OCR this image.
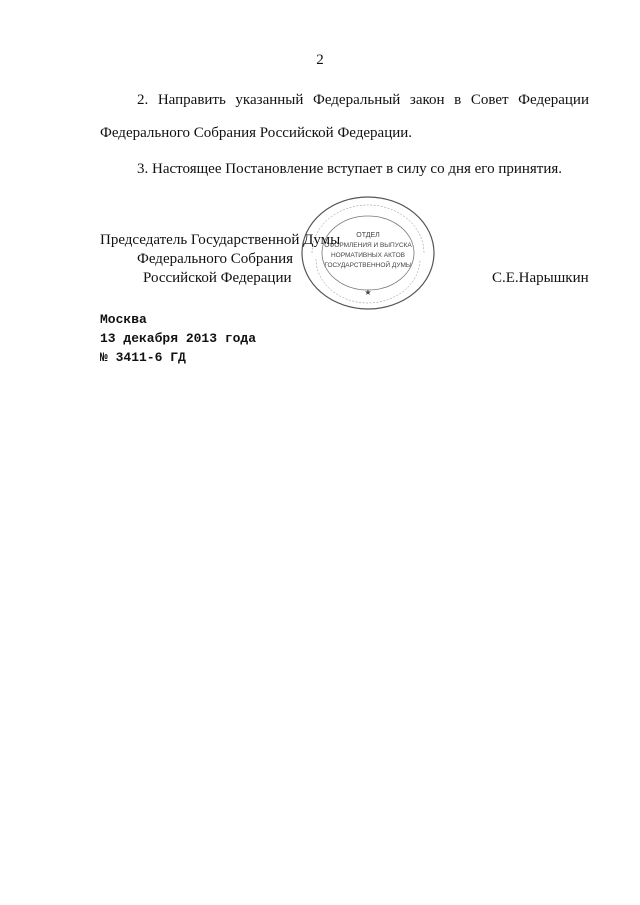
2
2. Направить указанный Федеральный закон в Совет Федерации
Федерального Собрания Российской Федерации.
3. Настоящее Постановление вступает в силу со дня его принятия.
ОТДЕЛ
ОФОРМЛЕНИЯ И ВЫПУСКА
НОРМАТИВНЫХ АКТОВ
ГОСУДАРСТВЕННОЙ ДУМЫ
★
Председатель Государственной Думы
Федерального Собрания
Российской Федерации	С.Е.Нарышкин
Москва
13 декабря 2013 года
№ 3411-6 ГД
